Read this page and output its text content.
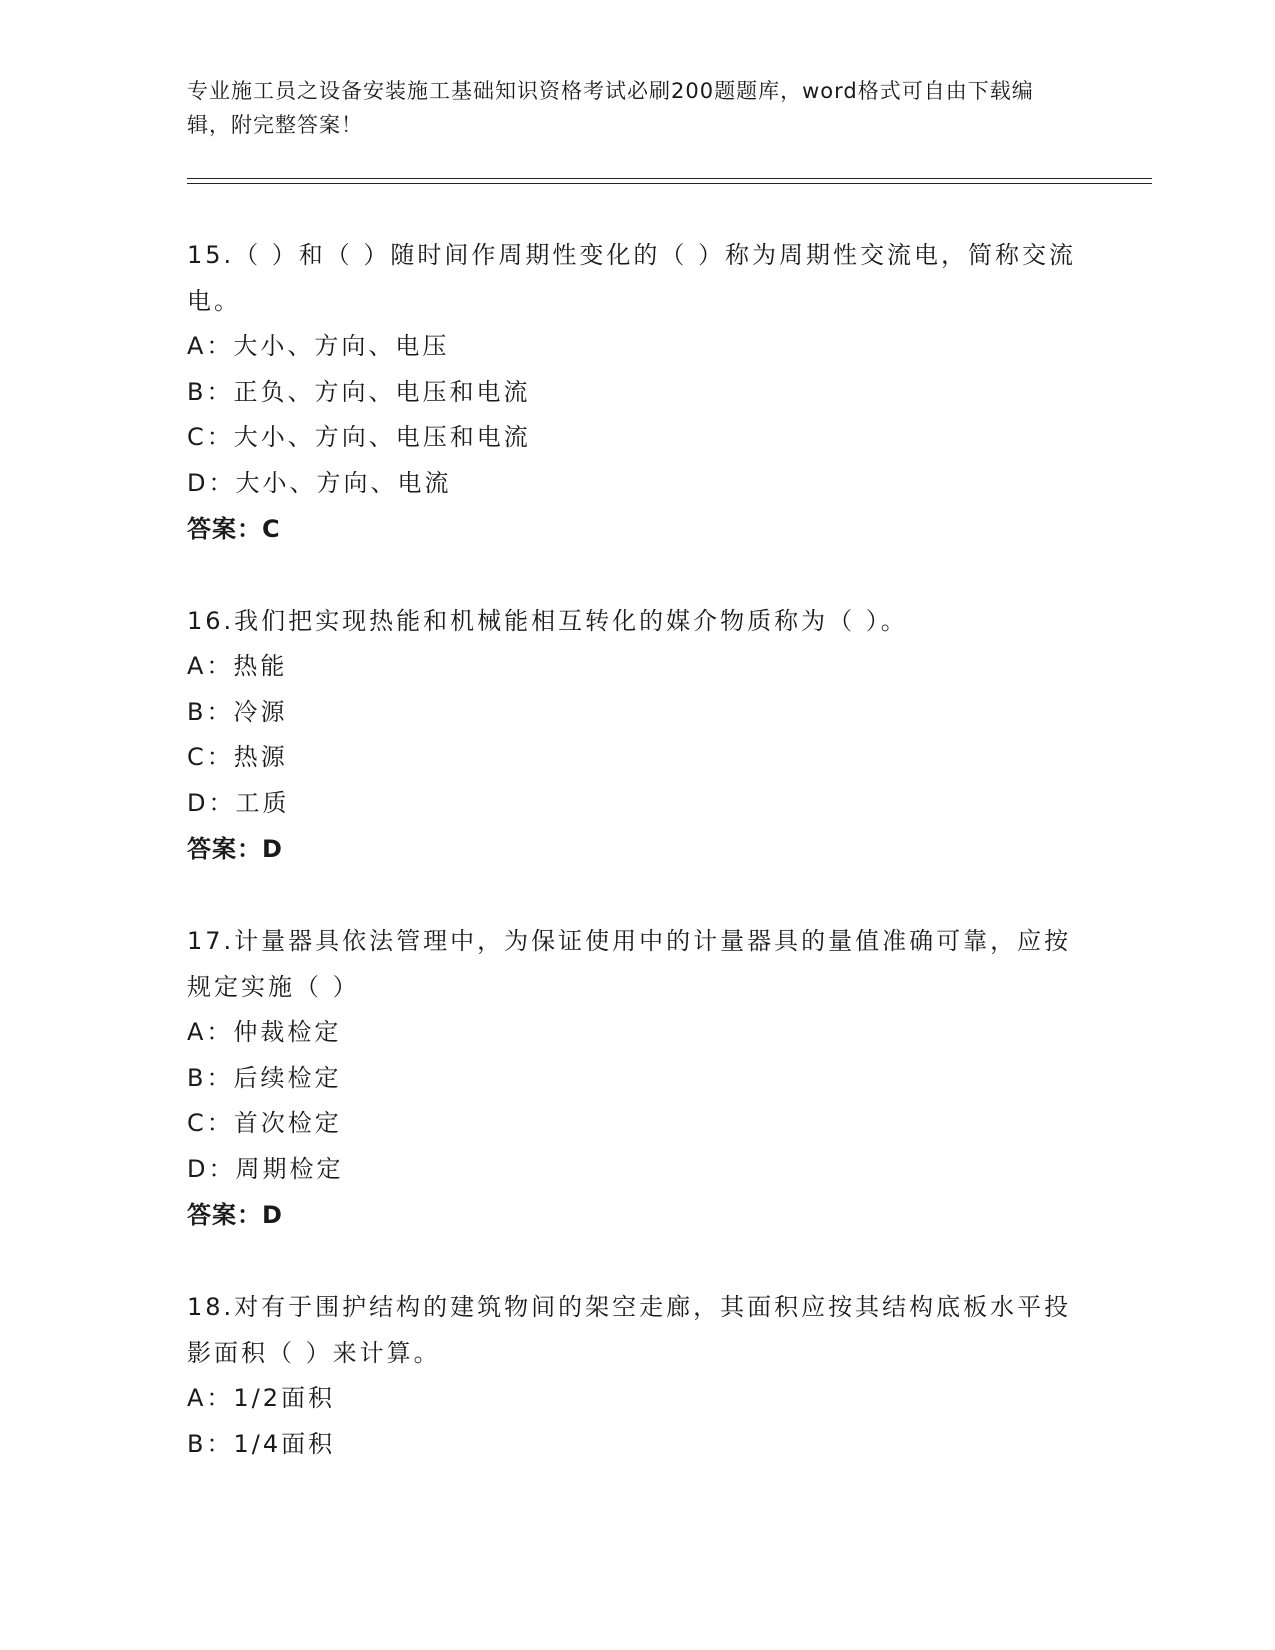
专业施工员之设备安装施工基础知识资格考试必刷200题题库，word格式可自由下载编辑，附完整答案！

15.（ ）和（ ）随时间作周期性变化的（ ）称为周期性交流电，简称交流电。

A：大小、方向、电压

B：正负、方向、电压和电流

C：大小、方向、电压和电流

D：大小、方向、电流

答案：C

16.我们把实现热能和机械能相互转化的媒介物质称为（ ）。

A：热能

B：冷源

C：热源

D：工质

答案：D

17.计量器具依法管理中，为保证使用中的计量器具的量值准确可靠，应按规定实施（ ）

A：仲裁检定

B：后续检定

C：首次检定

D：周期检定

答案：D

18.对有于围护结构的建筑物间的架空走廊，其面积应按其结构底板水平投影面积（ ）来计算。

A：1/2面积

B：1/4面积
